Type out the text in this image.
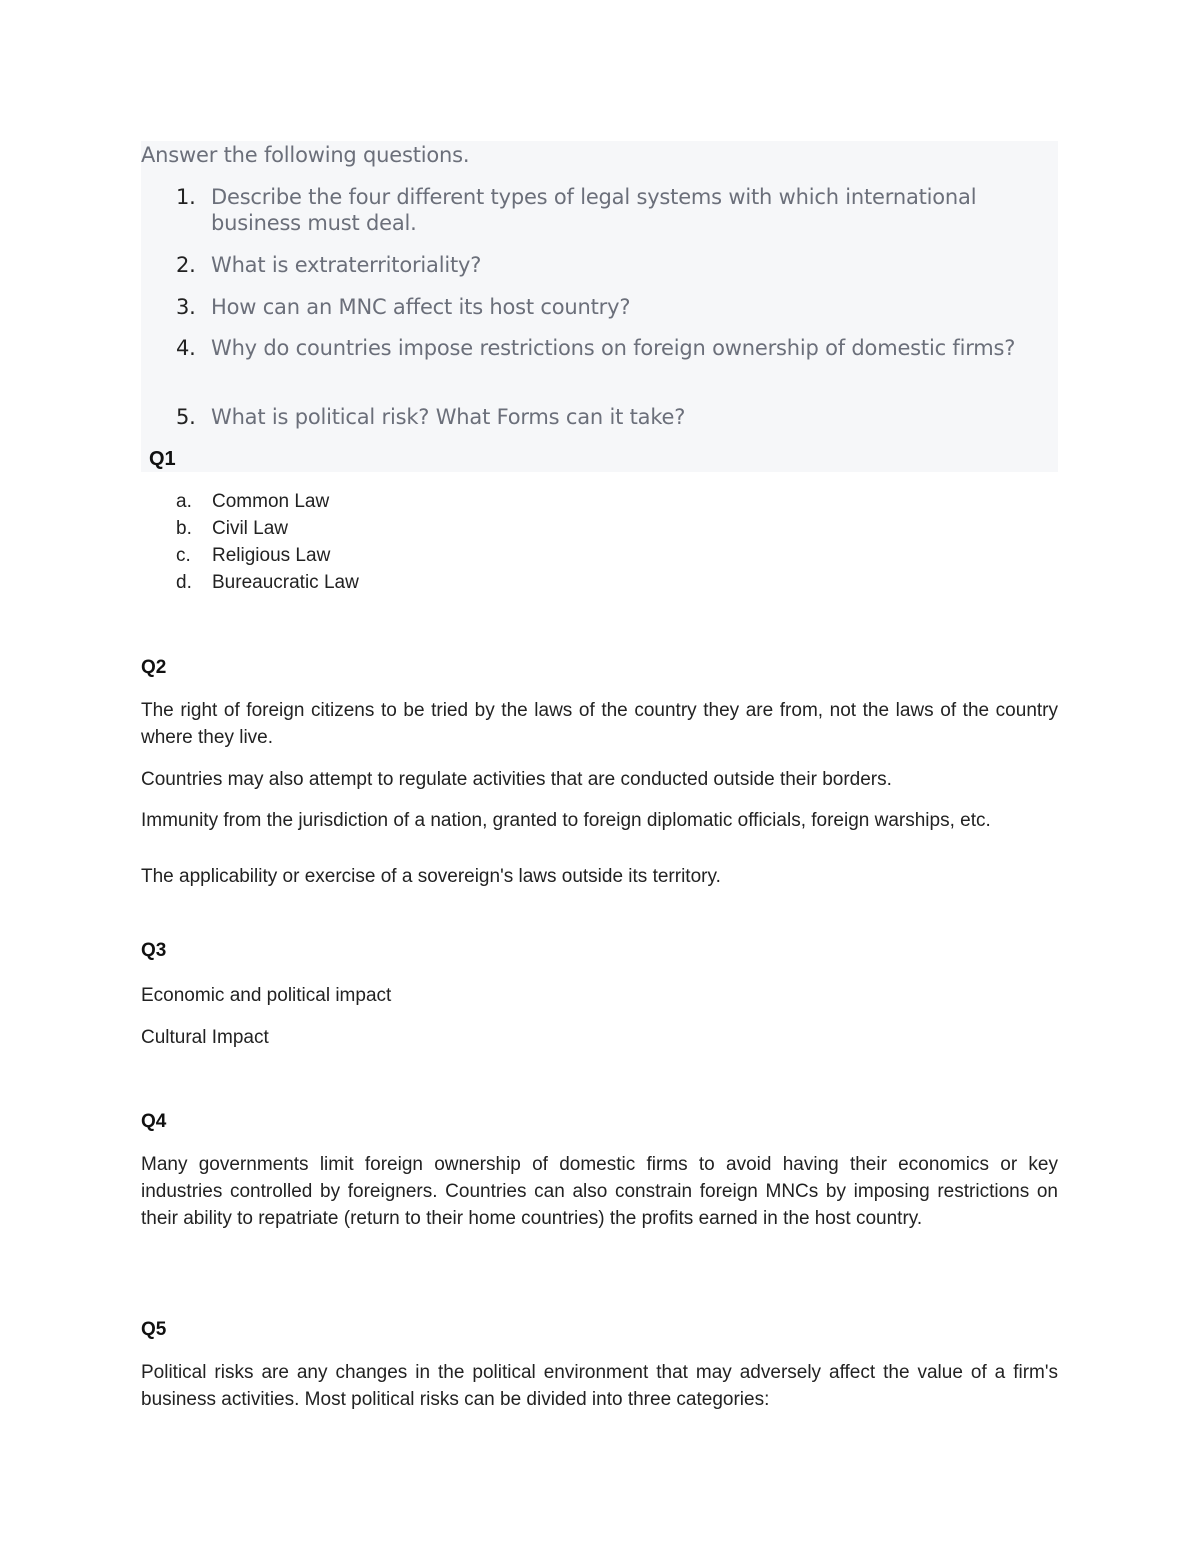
Answer the following questions.
1. Describe the four different types of legal systems with which international business must deal.
2. What is extraterritoriality?
3. How can an MNC affect its host country?
4. Why do countries impose restrictions on foreign ownership of domestic firms?
5. What is political risk? What Forms can it take?
Q1
a.	Common Law
b.	Civil Law
c.	Religious Law
d.	Bureaucratic Law
Q2
The right of foreign citizens to be tried by the laws of the country they are from, not the laws of the country where they live.
Countries may also attempt to regulate activities that are conducted outside their borders.
Immunity from the jurisdiction of a nation, granted to foreign diplomatic officials, foreign warships, etc.
The applicability or exercise of a sovereign's laws outside its territory.
Q3
Economic and political impact
Cultural Impact
Q4
Many governments limit foreign ownership of domestic firms to avoid having their economics or key industries controlled by foreigners. Countries can also constrain foreign MNCs by imposing restrictions on their ability to repatriate (return to their home countries) the profits earned in the host country.
Q5
Political risks are any changes in the political environment that may adversely affect the value of a firm's business activities. Most political risks can be divided into three categories:
